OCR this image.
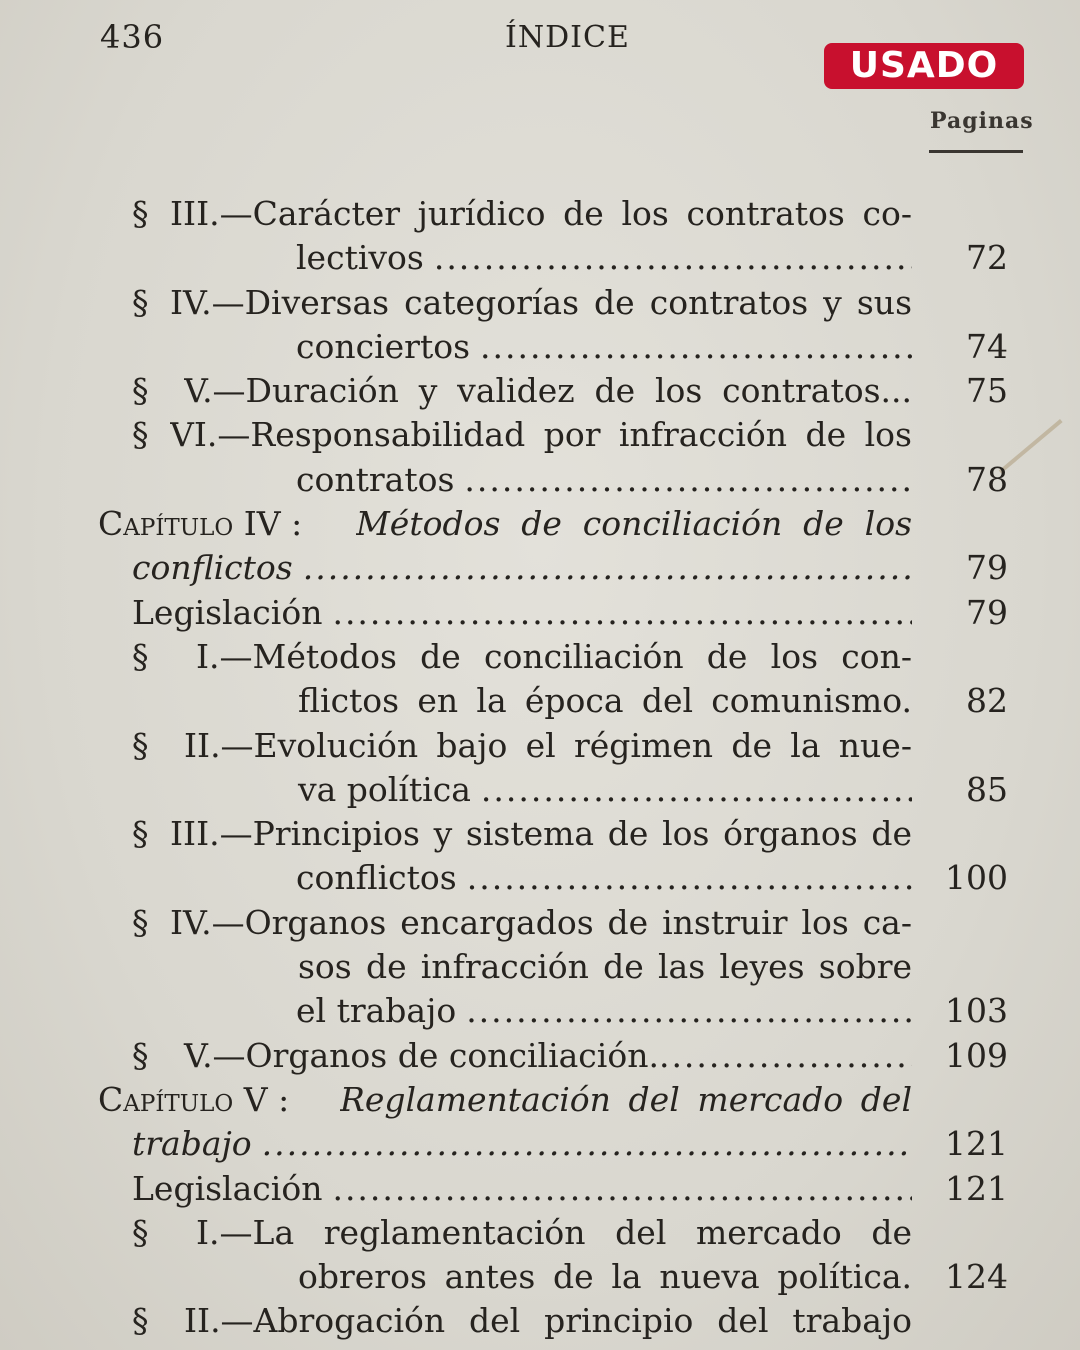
436	ÍNDICE
USADO
Paginas
§ III.—Carácter jurídico de los contratos co-
lectivos .....	72
§ IV.—Diversas categorías de contratos y sus
conciertos .....	74
§	V.—Duración y validez de los contratos... 75
§ VI.—Responsabilidad por infracción de los
contratos .....	78
Capítulo IV : Métodos de conciliación de los
conflictos .....	79
Legislación .....	79
§	I.—Métodos de conciliación de los con-
flictos en la época del comunismo. 82
§	II.—Evolución bajo el régimen de la nue-
va política .....	85
§ III.—Principios y sistema de los órganos de
conflictos .....	100
§ IV.—Organos encargados de instruir los ca-
sos de infracción de las leyes sobre
el trabajo .....	103
§	V.—Organos de conciliación. .....	109
Capítulo V : Reglamentación del mercado del
trabajo .....	121
Legislación .....	121
§	I.—La reglamentación del mercado de
obreros antes de la nueva política. 124
§	II.—Abrogación del principio del trabajo
